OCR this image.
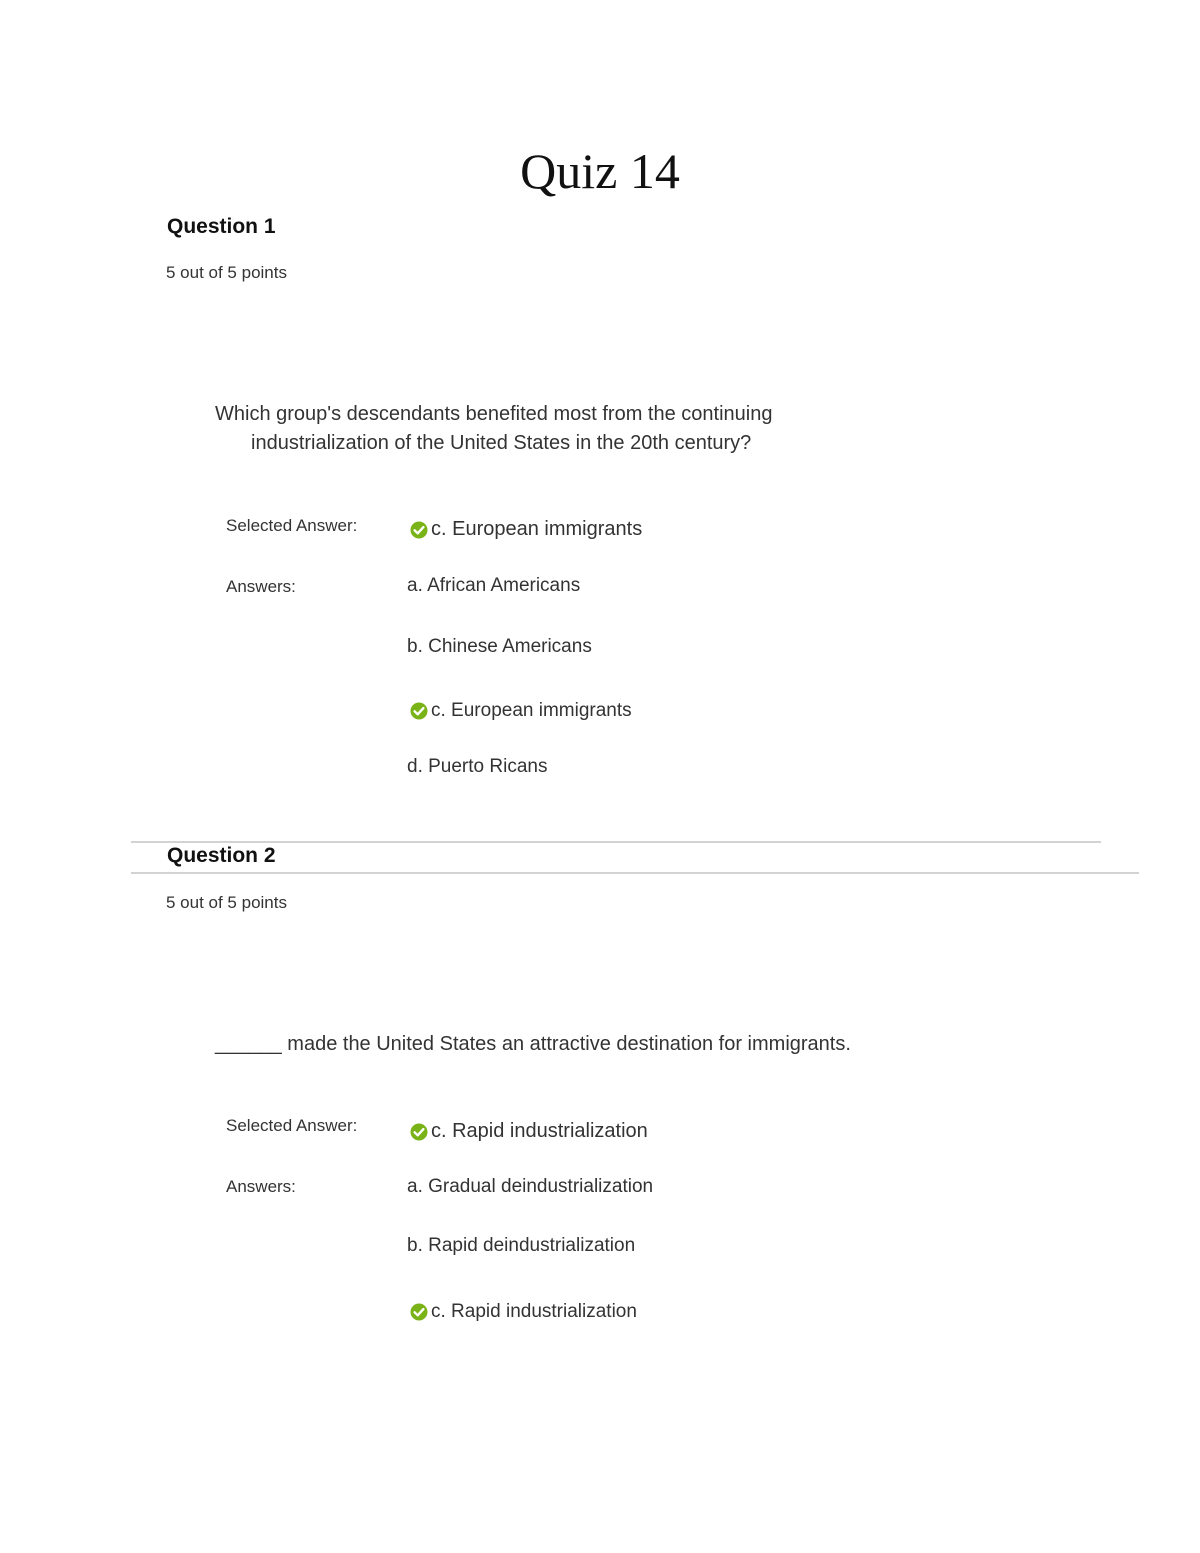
Quiz 14
Question 1
5 out of 5 points
Which group's descendants benefited most from the continuing
industrialization of the United States in the 20th century?
Selected Answer:	c. European immigrants
Answers:	a. African Americans
b. Chinese Americans
c. European immigrants
d. Puerto Ricans
Question 2
5 out of 5 points
______ made the United States an attractive destination for immigrants.
Selected Answer:	c. Rapid industrialization
Answers:	a. Gradual deindustrialization
b. Rapid deindustrialization
c. Rapid industrialization
